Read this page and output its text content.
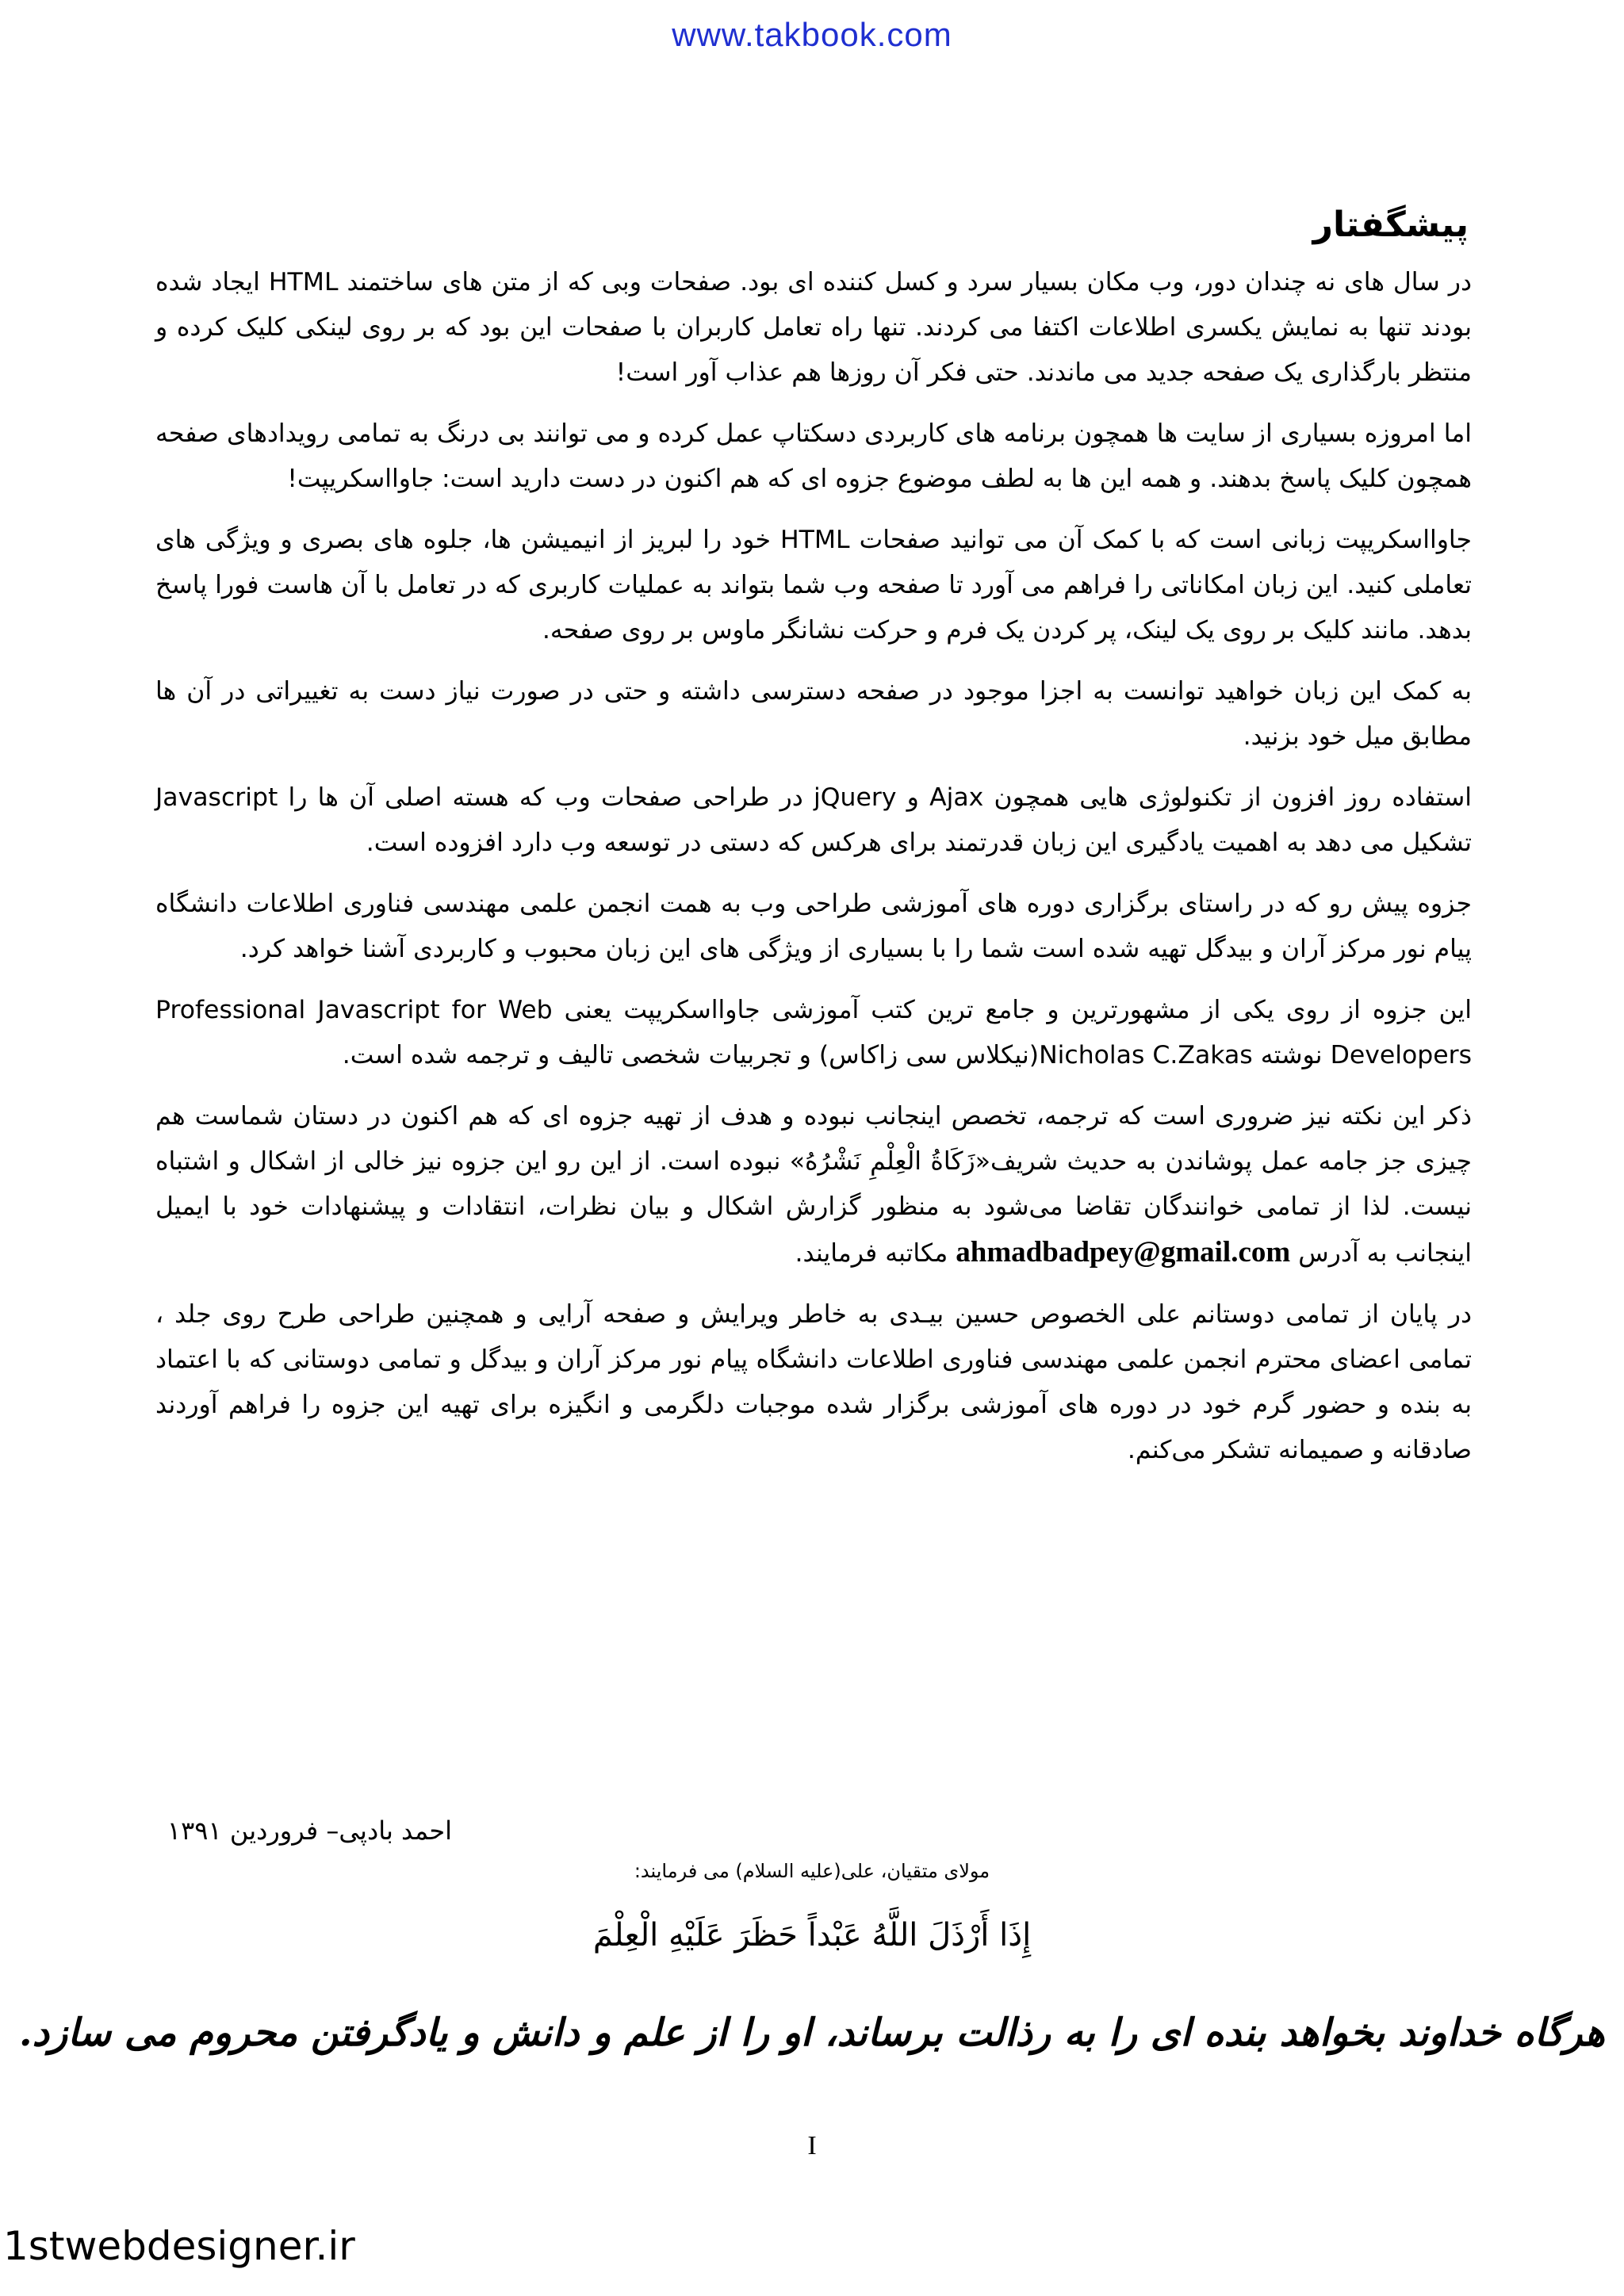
www.takbook.com
پیشگفتار

در سال های نه چندان دور، وب مکان بسیار سرد و کسل کننده ای بود. صفحات وبی که از متن های ساختمند HTML ایجاد شده بودند تنها به نمایش یکسری اطلاعات اکتفا می کردند. تنها راه تعامل کاربران با صفحات این بود که بر روی لینکی کلیک کرده و منتظر بارگذاری یک صفحه جدید می ماندند. حتی فکر آن روزها هم عذاب آور است!

اما امروزه بسیاری از سایت ها همچون برنامه های کاربردی دسکتاپ عمل کرده و می توانند بی درنگ به تمامی رویدادهای صفحه همچون کلیک پاسخ بدهند. و همه این ها به لطف موضوع جزوه ای که هم اکنون در دست دارید است: جاوااسکریپت!

جاوااسکریپت زبانی است که با کمک آن می توانید صفحات HTML خود را لبریز از انیمیشن ها، جلوه های بصری و ویژگی های تعاملی کنید. این زبان امکاناتی را فراهم می آورد تا صفحه وب شما بتواند به عملیات کاربری که در تعامل با آن هاست فورا پاسخ بدهد. مانند کلیک بر روی یک لینک، پر کردن یک فرم و حرکت نشانگر ماوس بر روی صفحه.

به کمک این زبان خواهید توانست به اجزا موجود در صفحه دسترسی داشته و حتی در صورت نیاز دست به تغییراتی در آن ها مطابق میل خود بزنید.

استفاده روز افزون از تکنولوژی هایی همچون Ajax و jQuery در طراحی صفحات وب که هسته اصلی آن ها را Javascript تشکیل می دهد به اهمیت یادگیری این زبان قدرتمند برای هرکس که دستی در توسعه وب دارد افزوده است.

جزوه پیش رو که در راستای برگزاری دوره های آموزشی طراحی وب به همت انجمن علمی مهندسی فناوری اطلاعات دانشگاه پیام نور مرکز آران و بیدگل تهیه شده است شما را با بسیاری از ویژگی های این زبان محبوب و کاربردی آشنا خواهد کرد.

این جزوه از روی یکی از مشهورترین و جامع ترین کتب آموزشی جاوااسکریپت یعنی Professional Javascript for Web Developers نوشته Nicholas C.Zakas(نیکلاس سی زاکاس) و تجربیات شخصی تالیف و ترجمه شده است.

ذکر این نکته نیز ضروری است که ترجمه، تخصص اینجانب نبوده و هدف از تهیه جزوه ای که هم اکنون در دستان شماست هم چیزی جز جامه عمل پوشاندن به حدیث شریف«زَكَاةُ الْعِلْمِ نَشْرُهُ» نبوده است. از این رو این جزوه نیز خالی از اشکال و اشتباه نیست. لذا از تمامی خوانندگان تقاضا می‌شود به منظور گزارش اشکال و بیان نظرات، انتقادات و پیشنهادات خود با ایمیل اینجانب به آدرس ahmadbadpey@gmail.com مکاتبه فرمایند.

در پایان از تمامی دوستانم علی الخصوص حسین بیـدی به خاطر ویرایش و صفحه آرایی و همچنین طراحی طرح روی جلد ، تمامی اعضای محترم انجمن علمی مهندسی فناوری اطلاعات دانشگاه پیام نور مرکز آران و بیدگل و تمامی دوستانی که با اعتماد به بنده و حضور گرم خود در دوره های آموزشی برگزار شده موجبات دلگرمی و انگیزه برای تهیه این جزوه را فراهم آوردند صادقانه و صمیمانه تشکر می‌کنم.

احمد بادپی– فروردین ۱۳۹۱
مولای متقیان، علی(علیه السلام) می فرمایند:
إِذَا أَرْذَلَ اللَّهُ عَبْداً حَظَرَ عَلَيْهِ الْعِلْمَ
هرگاه خداوند بخواهد بنده ای را به رذالت برساند، او را از علم و دانش و یادگرفتن محروم می سازد.
I
1stwebdesigner.ir
